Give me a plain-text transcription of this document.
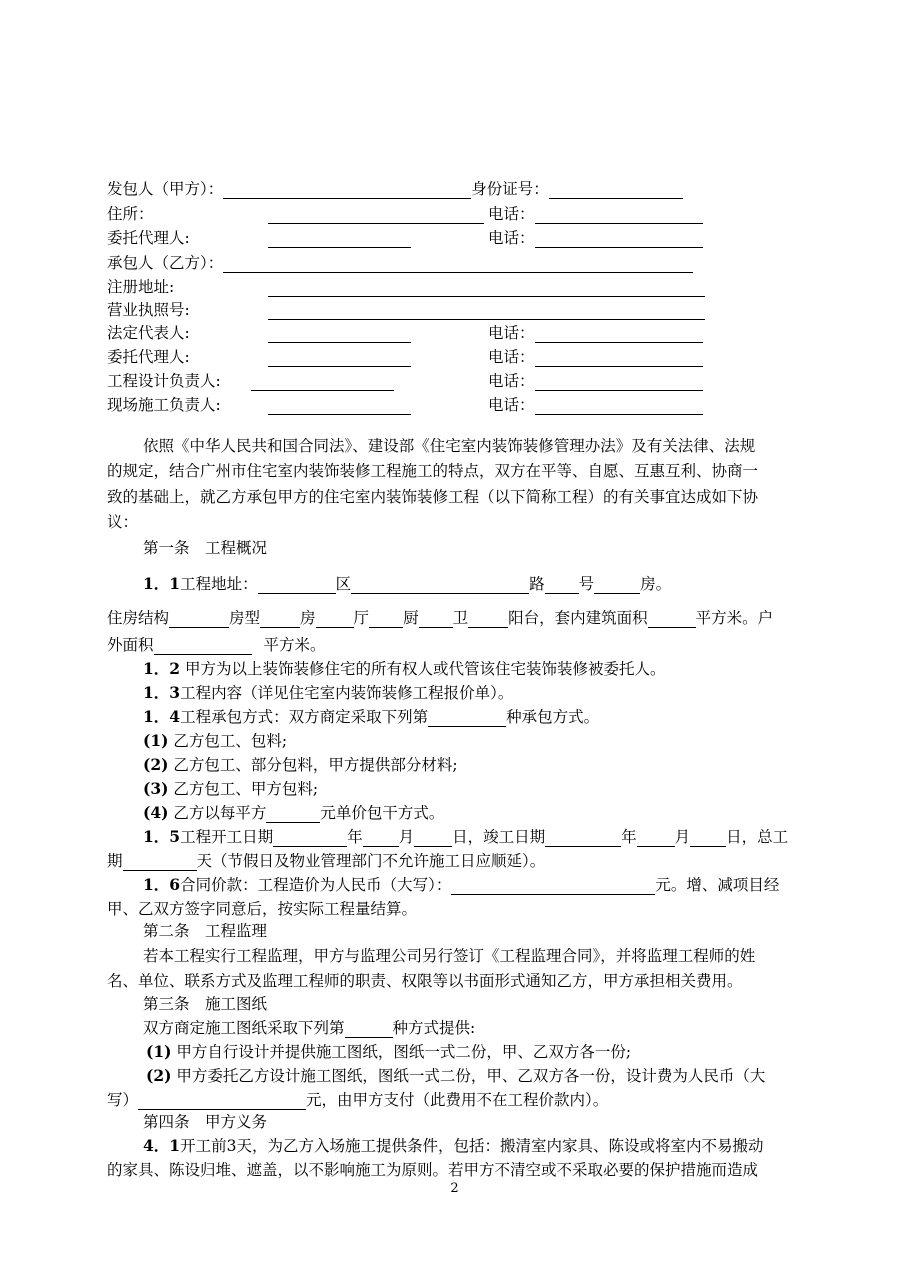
发包人（甲方）：	身份证号：
住所：	电话：
委托代理人:	电话：
承包人（乙方）：
注册地址:
营业执照号:
法定代表人:	电话：
委托代理人:	电话：
工程设计负责人:	电话：
现场施工负责人:	电话：
依照《中华人民共和国合同法》、建设部《住宅室内装饰装修管理办法》及有关法律、法规
的规定，结合广州市住宅室内装饰装修工程施工的特点，双方在平等、自愿、互惠互利、协商一
致的基础上，就乙方承包甲方的住宅室内装饰装修工程（以下简称工程）的有关事宜达成如下协
议：
第一条　工程概况
1．1工程地址：	区	路 号	房。
住房结构	房型	房 厅 厨 卫	阳台，套内建筑面积	平方米。户
外面积	平方米。
1．2 甲方为以上装饰装修住宅的所有权人或代管该住宅装饰装修被委托人。
1．3工程内容（详见住宅室内装饰装修工程报价单）。
1．4工程承包方式：双方商定采取下列第	种承包方式。
(1) 乙方包工、包料;
(2) 乙方包工、部分包料，甲方提供部分材料;
(3) 乙方包工、甲方包料;
(4) 乙方以每平方	元单价包干方式。
1．5工程开工日期	年 月 日，竣工日期	年 月 日，总工
期	天（节假日及物业管理部门不允许施工日应顺延）。
1．6合同价款：工程造价为人民币（大写）：	元。增、减项目经
甲、乙双方签字同意后，按实际工程量结算。
第二条　工程监理
若本工程实行工程监理，甲方与监理公司另行签订《工程监理合同》，并将监理工程师的姓
名、单位、联系方式及监理工程师的职责、权限等以书面形式通知乙方，甲方承担相关费用。
第三条　施工图纸
双方商定施工图纸采取下列第	种方式提供:
(1) 甲方自行设计并提供施工图纸，图纸一式二份，甲、乙双方各一份;
(2) 甲方委托乙方设计施工图纸，图纸一式二份，甲、乙双方各一份，设计费为人民币（大
写）	元，由甲方支付（此费用不在工程价款内）。
第四条　甲方义务
4．1开工前3天，为乙方入场施工提供条件，包括：搬清室内家具、陈设或将室内不易搬动
的家具、陈设归堆、遮盖，以不影响施工为原则。若甲方不清空或不采取必要的保护措施而造成
2
